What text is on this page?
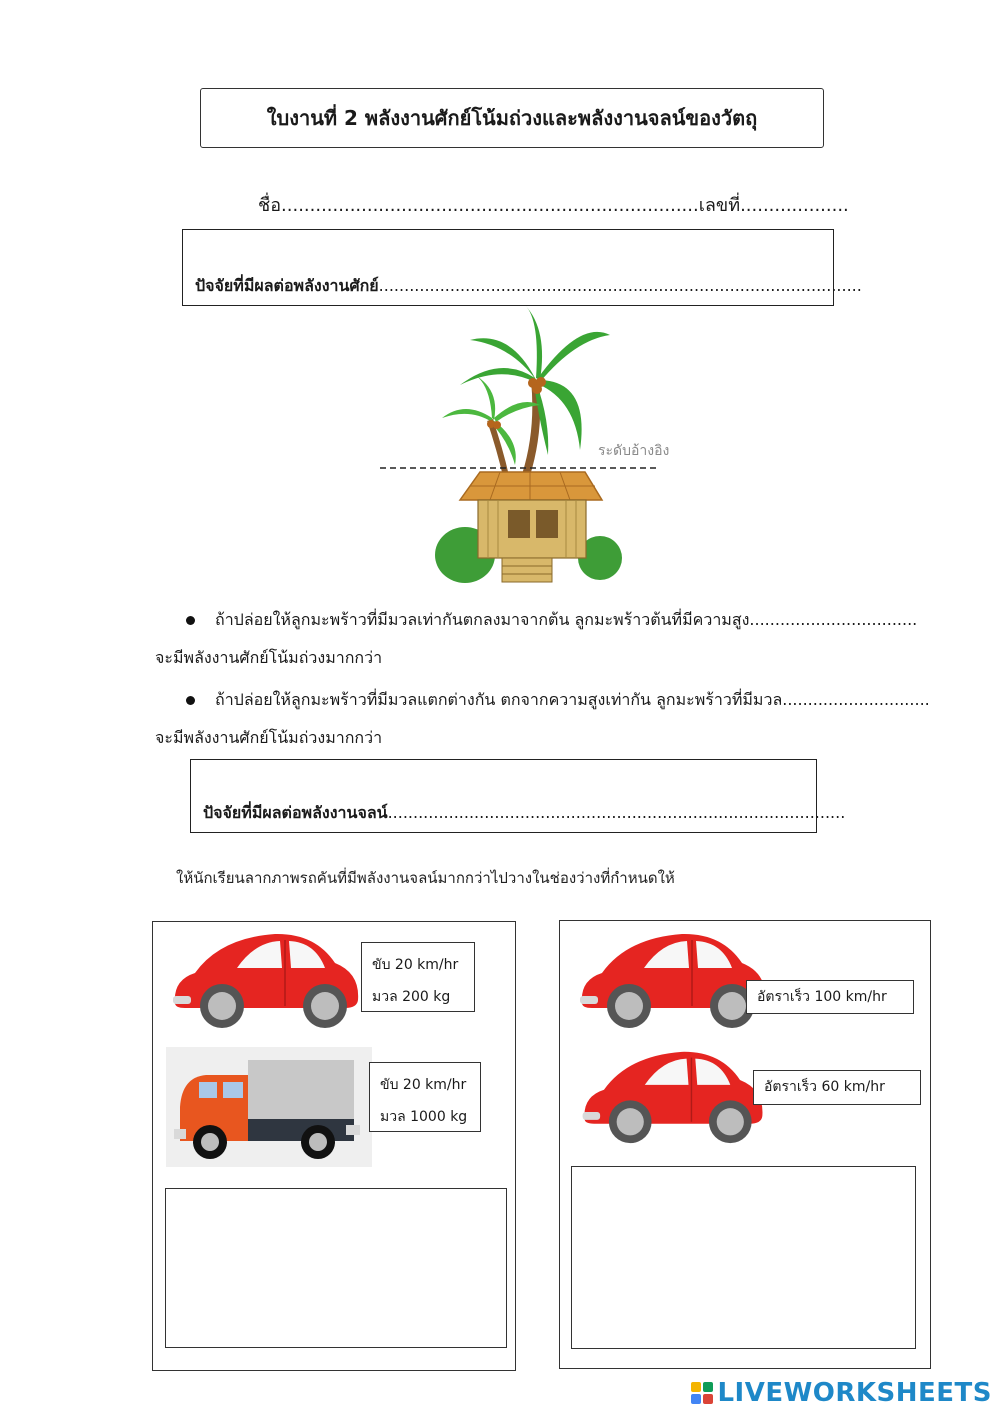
ใบงานที่ 2 พลังงานศักย์โน้มถ่วงและพลังงานจลน์ของวัตถุ
ชื่อ.........................................................................เลขที่...................
ปัจจัยที่มีผลต่อพลังงานศักย์...............................................................................................
ระดับอ้างอิง
ถ้าปล่อยให้ลูกมะพร้าวที่มีมวลเท่ากันตกลงมาจากต้น ลูกมะพร้าวต้นที่มีความสูง.................................
จะมีพลังงานศักย์โน้มถ่วงมากกว่า
ถ้าปล่อยให้ลูกมะพร้าวที่มีมวลแตกต่างกัน ตกจากความสูงเท่ากัน ลูกมะพร้าวที่มีมวล.............................
จะมีพลังงานศักย์โน้มถ่วงมากกว่า
ปัจจัยที่มีผลต่อพลังงานจลน์..........................................................................................
ให้นักเรียนลากภาพรถคันที่มีพลังงานจลน์มากกว่าไปวางในช่องว่างที่กำหนดให้
ขับ 20 km/hr
มวล 200 kg
ขับ 20 km/hr
มวล 1000 kg
อัตราเร็ว 100 km/hr
อัตราเร็ว 60 km/hr
LIVEWORKSHEETS
